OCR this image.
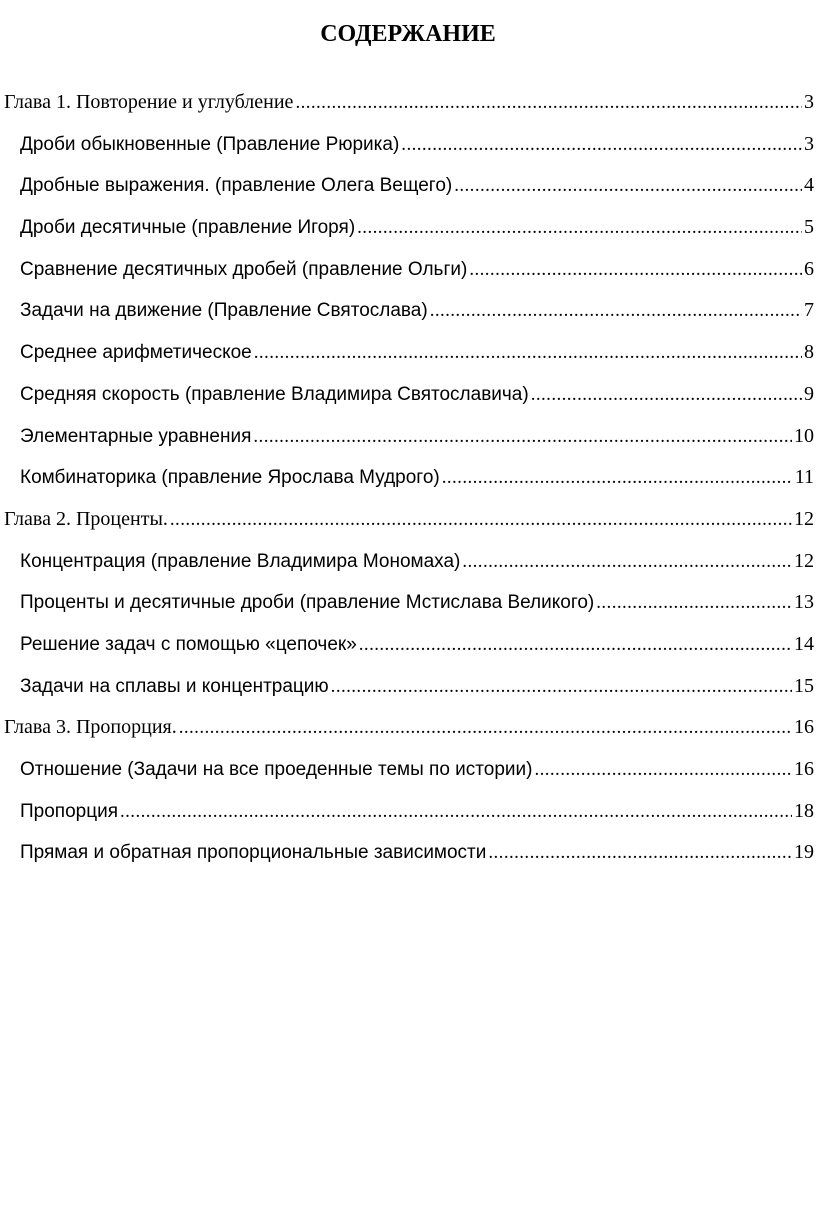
СОДЕРЖАНИЕ
Глава 1. Повторение и углубление .....	3
Дроби обыкновенные (Правление Рюрика) .....	3
Дробные выражения. (правление Олега Вещего) .....	4
Дроби десятичные (правление Игоря) .....	5
Сравнение десятичных дробей (правление Ольги) .....	6
Задачи на движение (Правление Святослава) .....	7
Среднее арифметическое .....	8
Средняя скорость (правление Владимира Святославича) .....	9
Элементарные уравнения .....	10
Комбинаторика (правление Ярослава Мудрого) .....	11
Глава 2. Проценты. .....	12
Концентрация (правление Владимира Мономаха) .....	12
Проценты и десятичные дроби (правление Мстислава Великого) .....	13
Решение задач с помощью «цепочек» .....	14
Задачи на сплавы и концентрацию .....	15
Глава 3. Пропорция. .....	16
Отношение (Задачи на все проеденные темы по истории) .....	16
Пропорция .....	18
Прямая и обратная пропорциональные зависимости .....	19
